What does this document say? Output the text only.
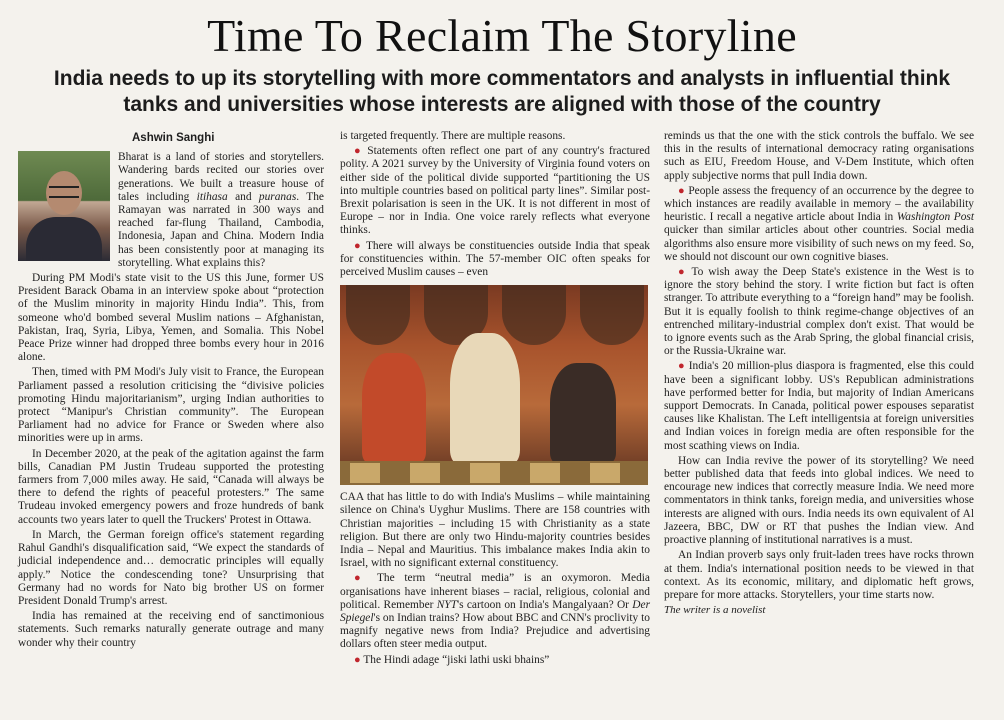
Time To Reclaim The Storyline
India needs to up its storytelling with more commentators and analysts in influential think tanks and universities whose interests are aligned with those of the country
Ashwin Sanghi

Bharat is a land of stories and storytellers. Wandering bards recited our stories over generations. We built a treasure house of tales including itihasa and puranas. The Ramayan was narrated in 300 ways and reached far-flung Thailand, Cambodia, Indonesia, Japan and China. Modern India has been consistently poor at managing its storytelling. What explains this?

During PM Modi's state visit to the US this June, former US President Barack Obama in an interview spoke about “protection of the Muslim minority in majority Hindu India”. This, from someone who'd bombed several Muslim nations – Afghanistan, Pakistan, Iraq, Syria, Libya, Yemen, and Somalia. This Nobel Peace Prize winner had dropped three bombs every hour in 2016 alone.

Then, timed with PM Modi's July visit to France, the European Parliament passed a resolution criticising the “divisive policies promoting Hindu majoritarianism”, urging Indian authorities to protect “Manipur's Christian community”. The European Parliament had no advice for France or Sweden where also minorities were up in arms.

In December 2020, at the peak of the agitation against the farm bills, Canadian PM Justin Trudeau supported the protesting farmers from 7,000 miles away. He said, “Canada will always be there to defend the rights of peaceful protesters.” The same Trudeau invoked emergency powers and froze hundreds of bank accounts two years later to quell the Truckers' Protest in Ottawa.

In March, the German foreign office's statement regarding Rahul Gandhi's disqualification said, “We expect the standards of judicial independence and… democratic principles will equally apply.” Notice the condescending tone? Unsurprising that Germany had no words for Nato big brother US on former President Donald Trump's arrest.

India has remained at the receiving end of sanctimonious statements. Such remarks naturally generate outrage and many wonder why their country

is targeted frequently. There are multiple reasons.

● Statements often reflect one part of any country's fractured polity. A 2021 survey by the University of Virginia found voters on either side of the political divide supported “partitioning the US into multiple countries based on political party lines”. Similar post-Brexit polarisation is seen in the UK. It is not different in most of Europe – nor in India. One voice rarely reflects what everyone thinks.

● There will always be constituencies outside India that speak for constituencies within. The 57-member OIC often speaks for perceived Muslim causes – even

CAA that has little to do with India's Muslims – while maintaining silence on China's Uyghur Muslims. There are 158 countries with Christian majorities – including 15 with Christianity as a state religion. But there are only two Hindu-majority countries besides India – Nepal and Mauritius. This imbalance makes India akin to Israel, with no significant external constituency.

● The term “neutral media” is an oxymoron. Media organisations have inherent biases – racial, religious, colonial and political. Remember NYT's cartoon on India's Mangalyaan? Or Der Spiegel's on Indian trains? How about BBC and CNN's proclivity to magnify negative news from India? Prejudice and advertising dollars often steer media output.

● The Hindi adage “jiski lathi uski bhains”

reminds us that the one with the stick controls the buffalo. We see this in the results of international democracy rating organisations such as EIU, Freedom House, and V-Dem Institute, which often apply subjective norms that pull India down.

● People assess the frequency of an occurrence by the degree to which instances are readily available in memory – the availability heuristic. I recall a negative article about India in Washington Post quicker than similar articles about other countries. Social media algorithms also ensure more visibility of such news on my feed. So, we should not discount our own cognitive biases.

● To wish away the Deep State's existence in the West is to ignore the story behind the story. I write fiction but fact is often stranger. To attribute everything to a “foreign hand” may be foolish. But it is equally foolish to think regime-change objectives of an entrenched military-industrial complex don't exist. That would be to ignore events such as the Arab Spring, the global financial crisis, or the Russia-Ukraine war.

● India's 20 million-plus diaspora is fragmented, else this could have been a significant lobby. US's Republican administrations have performed better for India, but majority of Indian Americans support Democrats. In Canada, political power espouses separatist causes like Khalistan. The Left intelligentsia at foreign universities and Indian voices in foreign media are often responsible for the most scathing views on India.

How can India revive the power of its storytelling? We need better published data that feeds into global indices. We need to encourage new indices that correctly measure India. We need more commentators in think tanks, foreign media, and universities whose interests are aligned with ours. India needs its own equivalent of Al Jazeera, BBC, DW or RT that pushes the Indian view. And proactive planning of institutional narratives is a must.

An Indian proverb says only fruit-laden trees have rocks thrown at them. India's international position needs to be viewed in that context. As its economic, military, and diplomatic heft grows, prepare for more attacks. Storytellers, your time starts now.

The writer is a novelist
